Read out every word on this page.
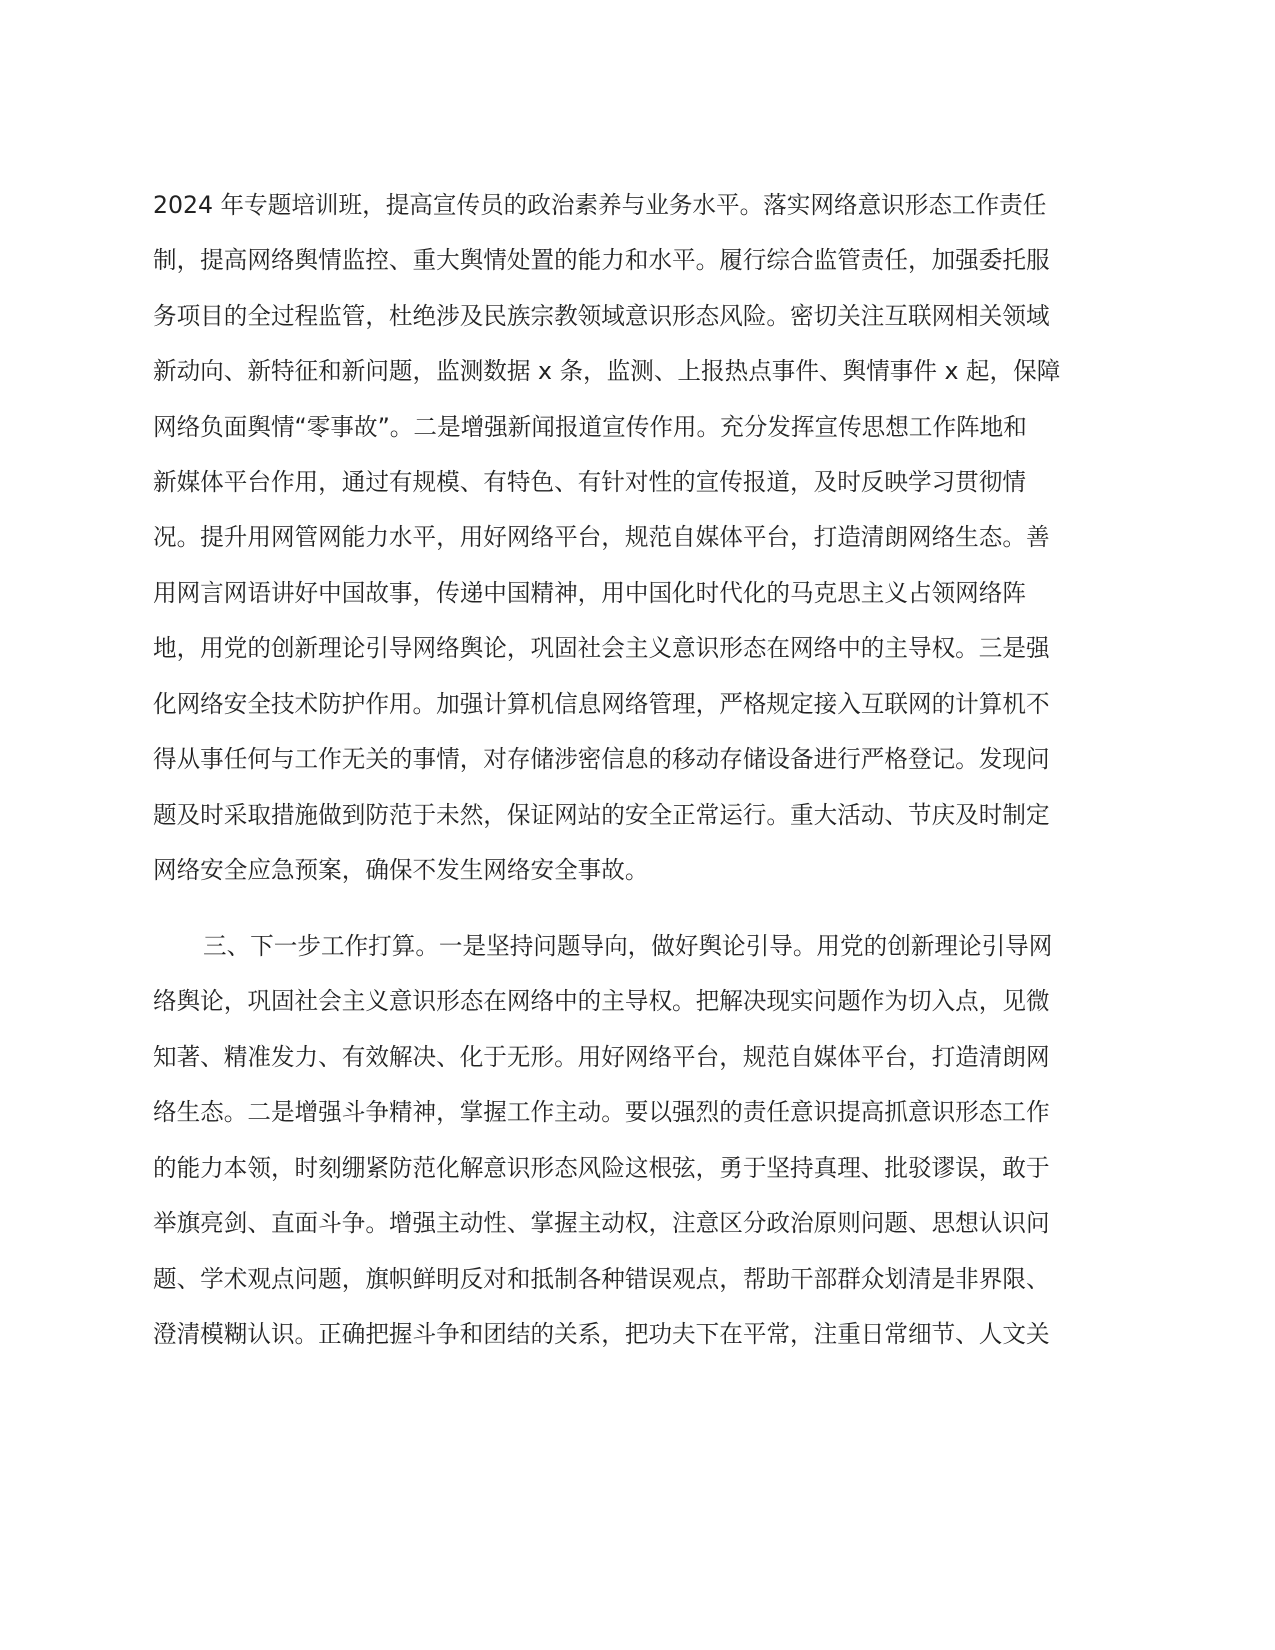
2024 年专题培训班，提高宣传员的政治素养与业务水平。落实网络意识形态工作责任
制，提高网络舆情监控、重大舆情处置的能力和水平。履行综合监管责任，加强委托服
务项目的全过程监管，杜绝涉及民族宗教领域意识形态风险。密切关注互联网相关领域
新动向、新特征和新问题，监测数据 x 条，监测、上报热点事件、舆情事件 x 起，保障
网络负面舆情“零事故”。二是增强新闻报道宣传作用。充分发挥宣传思想工作阵地和
新媒体平台作用，通过有规模、有特色、有针对性的宣传报道，及时反映学习贯彻情
况。提升用网管网能力水平，用好网络平台，规范自媒体平台，打造清朗网络生态。善
用网言网语讲好中国故事，传递中国精神，用中国化时代化的马克思主义占领网络阵
地，用党的创新理论引导网络舆论，巩固社会主义意识形态在网络中的主导权。三是强
化网络安全技术防护作用。加强计算机信息网络管理，严格规定接入互联网的计算机不
得从事任何与工作无关的事情，对存储涉密信息的移动存储设备进行严格登记。发现问
题及时采取措施做到防范于未然，保证网站的安全正常运行。重大活动、节庆及时制定
网络安全应急预案，确保不发生网络安全事故。
三、下一步工作打算。一是坚持问题导向，做好舆论引导。用党的创新理论引导网
络舆论，巩固社会主义意识形态在网络中的主导权。把解决现实问题作为切入点，见微
知著、精准发力、有效解决、化于无形。用好网络平台，规范自媒体平台，打造清朗网
络生态。二是增强斗争精神，掌握工作主动。要以强烈的责任意识提高抓意识形态工作
的能力本领，时刻绷紧防范化解意识形态风险这根弦，勇于坚持真理、批驳谬误，敢于
举旗亮剑、直面斗争。增强主动性、掌握主动权，注意区分政治原则问题、思想认识问
题、学术观点问题，旗帜鲜明反对和抵制各种错误观点，帮助干部群众划清是非界限、
澄清模糊认识。正确把握斗争和团结的关系，把功夫下在平常，注重日常细节、人文关
